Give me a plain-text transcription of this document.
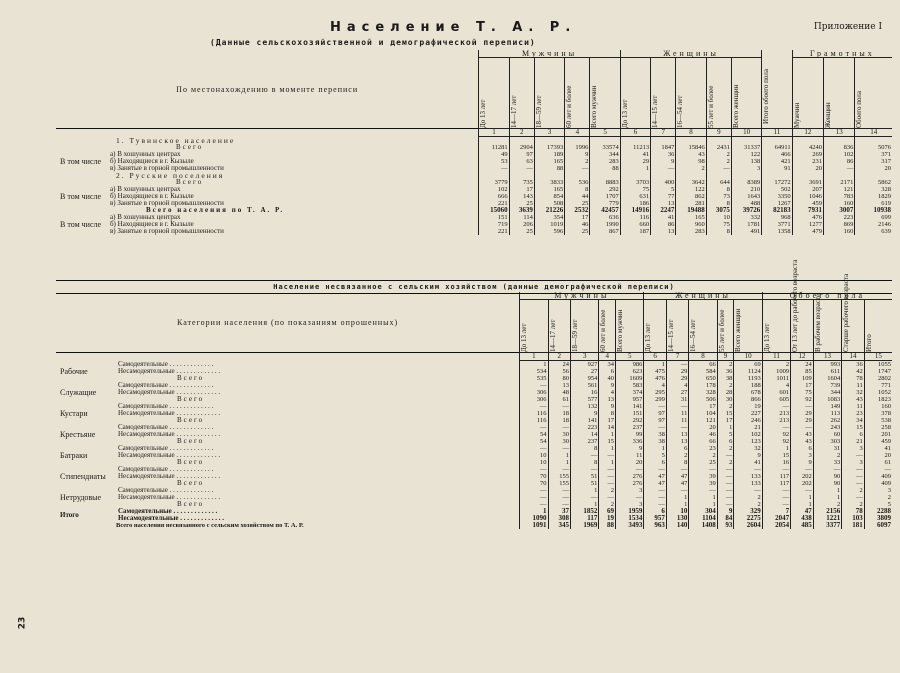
Население Т. А. Р.	Приложение I
(Данные сельскохозяйственной и демографической переписи)
23
По местонахождению в моменте переписи		Мужчины					Женщины					Итого обоего пола	Грамотных		

		До 13 лет	14—17 лет	18—59 лет	60 лет и более	Всего мужчин	До 13 лет	14—15 лет	16—54 лет	55 лет и более	Всего женщин		Мужчин	Женщин	Обоего пола

		1	2	3	4	5	6	7	8	9	10	11	12	13	14
1. Тувинское население															
Всего		11281	2904	17393	1996	33574	11213	1847	15846	2431	31337	64911	4240	836	5076
В том числе	а) В хошунных центрах	49	97	189	9	344	41	36	43	2	122	466	269	102	371
	б) Находящиеся в г. Кызыле	53	63	165	2	283	29	9	98	2	138	421	231	86	317
	в) Занятые в горной промышленности	—	—	88	—	88	1	—	2	—	3	91	20	—	20
2. Русские поселения															
Всего		3779	735	3833	536	8883	3703	400	3642	644	8389	17272	3691	2171	5862
В том числе	а) В хошунных центрах	102	17	165	8	292	75	5	122	8	210	502	207	121	328
	б) Находящиеся в г. Кызыле	666	143	854	44	1707	631	77	862	73	1643	3350	1046	783	1829
	в) Занятые в горной промышленности	221	25	508	25	779	186	13	281	8	488	1267	459	160	619
Всего населения по Т. А. Р.		15060	3639	21226	2532	42457	14916	2247	19488	3075	39726	82183	7931	3007	10938
В том числе	а) В хошунных центрах	151	114	354	17	636	116	41	165	10	332	968	476	223	699
	б) Находящиеся в г. Кызыле	719	206	1019	46	1990	660	86	960	75	1781	3771	1277	869	2146
	в) Занятые в горной промышленности	221	25	596	25	867	187	13	283	8	491	1358	479	160	639
Население несвязанное с сельским хозяйством (данные демографической переписи)
Категории населения (по показаниям опрошенных)		Мужчины					Женщины					Обоего пола				

		До 13 лет	14—17 лет	18—59 лет	60 лет и более	Всего мужчин	До 13 лет	14—15 лет	16—54 лет	55 лет и более	Всего женщин	До 13 лет	От 13 лет до рабочего возраста	В рабочем возрасте	Старше рабочего возраста	Итого

		1	2	3	4	5	6	7	8	9	10	11	12	13	14	15
Рабочие	Самодеятельные . . . . . . . . . . . . .	1	24	927	34	986	1	—	66	2	69	2	24	993	36	1055
	Несамодеятельные . . . . . . . . . . . . .	534	56	27	6	623	475	29	584	36	1124	1009	85	611	42	1747
	Всего	535	80	954	40	1609	476	29	650	38	1193	1011	109	1604	78	2802
Служащие	Самодеятельные . . . . . . . . . . . . .	—	13	561	9	583	4	4	178	2	188	4	17	739	11	771
	Несамодеятельные . . . . . . . . . . . . .	306	48	16	4	374	295	27	328	28	678	601	75	344	32	1052
	Всего	306	61	577	13	957	299	31	506	30	866	605	92	1083	43	1823
Кустари	Самодеятельные . . . . . . . . . . . . .	—	—	132	9	141	—	—	17	2	19	—	—	149	11	160
	Несамодеятельные . . . . . . . . . . . . .	116	18	9	8	151	97	11	104	15	227	213	29	113	23	378
	Всего	116	18	141	17	292	97	11	121	17	246	213	29	262	34	538
Крестьяне	Самодеятельные . . . . . . . . . . . . .	—	—	223	14	237	—	—	20	1	21	—	—	243	15	258
	Несамодеятельные . . . . . . . . . . . . .	54	30	14	1	99	38	13	46	5	102	92	43	60	6	201
	Всего	54	30	237	15	336	38	13	66	6	123	92	43	303	21	459
Батраки	Самодеятельные . . . . . . . . . . . . .	—	—	8	1	9	1	6	23	2	32	1	6	31	3	41
	Несамодеятельные . . . . . . . . . . . . .	10	1	—	—	11	5	2	2	—	9	15	3	2	—	20
	Всего	10	1	8	1	20	6	8	25	2	41	16	9	33	3	61
Стипендиаты	Самодеятельные . . . . . . . . . . . . .	—	—	—	—	—	—	—	—	—	—	—	—	—	—	—
	Несамодеятельные . . . . . . . . . . . . .	70	155	51	—	276	47	47	39	—	133	117	202	90	—	409
	Всего	70	155	51	—	276	47	47	39	—	133	117	202	90	—	409
Нетрудовые	Самодеятельные . . . . . . . . . . . . .	—	—	1	2	3	—	—	—	—	—	—	—	1	2	3
	Несамодеятельные . . . . . . . . . . . . .	—	—	—	—	—	—	1	1	—	2	—	1	1	—	2
	Всего	—	—	1	2	3	—	1	1	—	2	—	1	2	2	5
Итого	Самодеятельные . . . . . . . . . . . . .	1	37	1852	69	1959	6	10	304	9	329	7	47	2156	78	2288
	Несамодеятельные . . . . . . . . . . . . .	1090	308	117	19	1534	957	130	1104	84	2275	2047	438	1221	103	3809
Всего населения несвязанного с сельским хозяйством по Т. А. Р.		1091	345	1969	88	3493	963	140	1408	93	2604	2054	485	3377	181	6097
